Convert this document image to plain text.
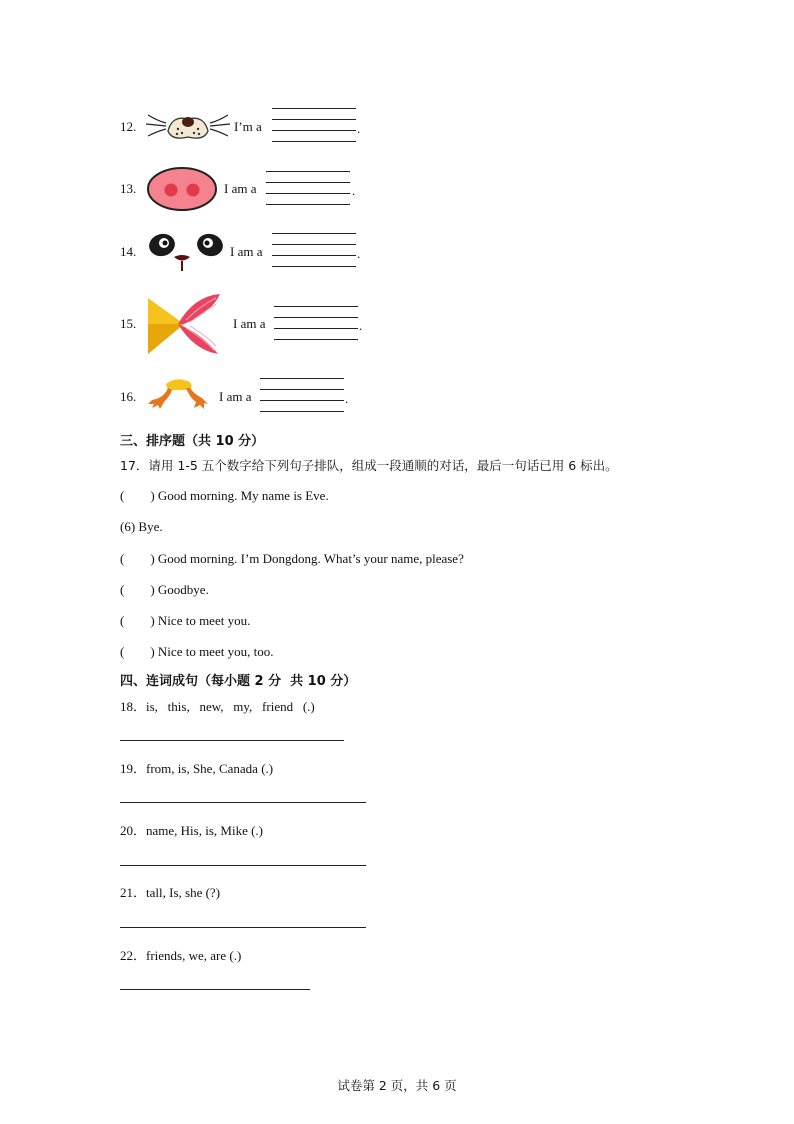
12.	I’m a	.
13.	I am a	.
14.	I am a	.
15.	I am a	.
16.	I am a	.
三、排序题（共 10 分）
17．请用 1-5 五个数字给下列句子排队，组成一段通顺的对话，最后一句话已用 6 标出。
(        ) Good morning. My name is Eve.
(6) Bye.
(        ) Good morning. I’m Dongdong. What’s your name, please?
(        ) Goodbye.
(        ) Nice to meet you.
(        ) Nice to meet you, too.
四、连词成句（每小题 2 分  共 10 分）
18．is,   this,   new,   my,   friend   (.)
19．from, is, She, Canada (.)
20．name, His, is, Mike (.)
21．tall, Is, she (?)
22．friends, we, are (.)
试卷第 2 页，共 6 页
